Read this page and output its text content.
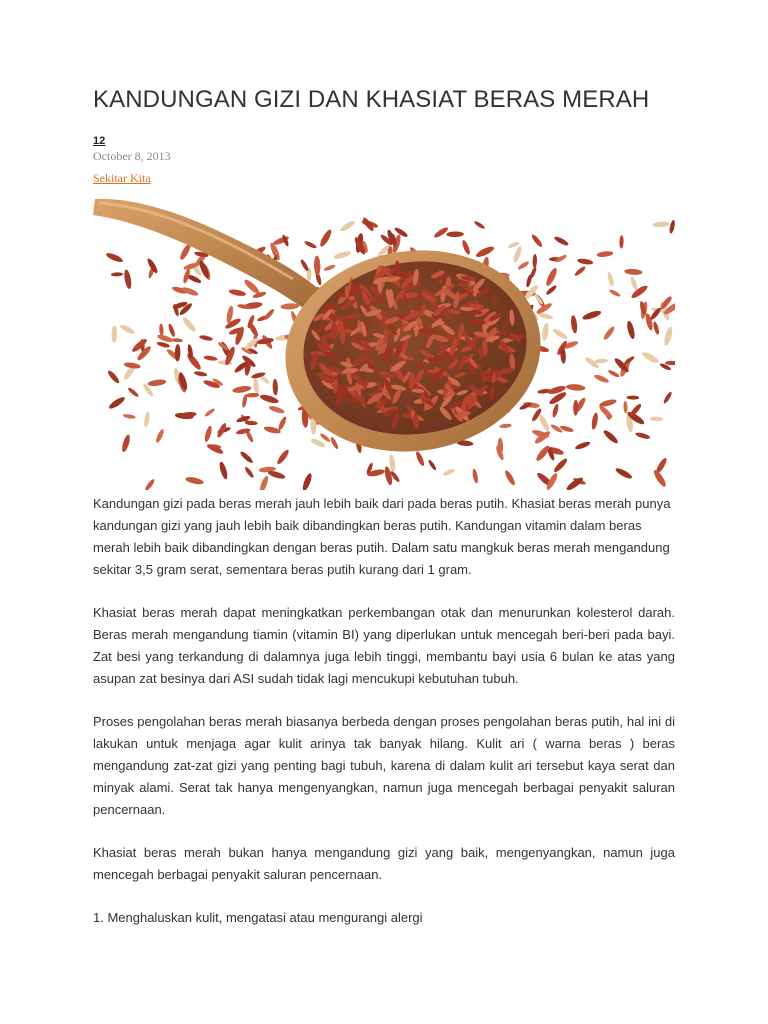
KANDUNGAN GIZI DAN KHASIAT BERAS MERAH
12
October 8, 2013
Sekitar Kita

Kandungan gizi pada beras merah jauh lebih baik dari pada beras putih. Khasiat beras merah punya kandungan gizi yang jauh lebih baik dibandingkan beras putih. Kandungan vitamin dalam beras merah lebih baik dibandingkan dengan beras putih. Dalam satu mangkuk beras merah mengandung sekitar 3,5 gram serat, sementara beras putih kurang dari 1 gram.

Khasiat beras merah dapat meningkatkan perkembangan otak dan menurunkan kolesterol darah. Beras merah mengandung tiamin (vitamin BI) yang diperlukan untuk mencegah beri-beri pada bayi. Zat besi yang terkandung di dalamnya juga lebih tinggi, membantu bayi usia 6 bulan ke atas yang asupan zat besinya dari ASI sudah tidak lagi mencukupi kebutuhan tubuh.

Proses pengolahan beras merah biasanya berbeda dengan proses pengolahan beras putih, hal ini di lakukan untuk menjaga agar kulit arinya tak banyak hilang. Kulit ari ( warna beras ) beras mengandung zat-zat gizi yang penting bagi tubuh, karena di dalam kulit ari tersebut kaya serat dan minyak alami. Serat tak hanya mengenyangkan, namun juga mencegah berbagai penyakit saluran pencernaan.

Khasiat beras merah bukan hanya mengandung gizi yang baik, mengenyangkan, namun juga mencegah berbagai penyakit saluran pencernaan.

1. Menghaluskan kulit, mengatasi atau mengurangi alergi
